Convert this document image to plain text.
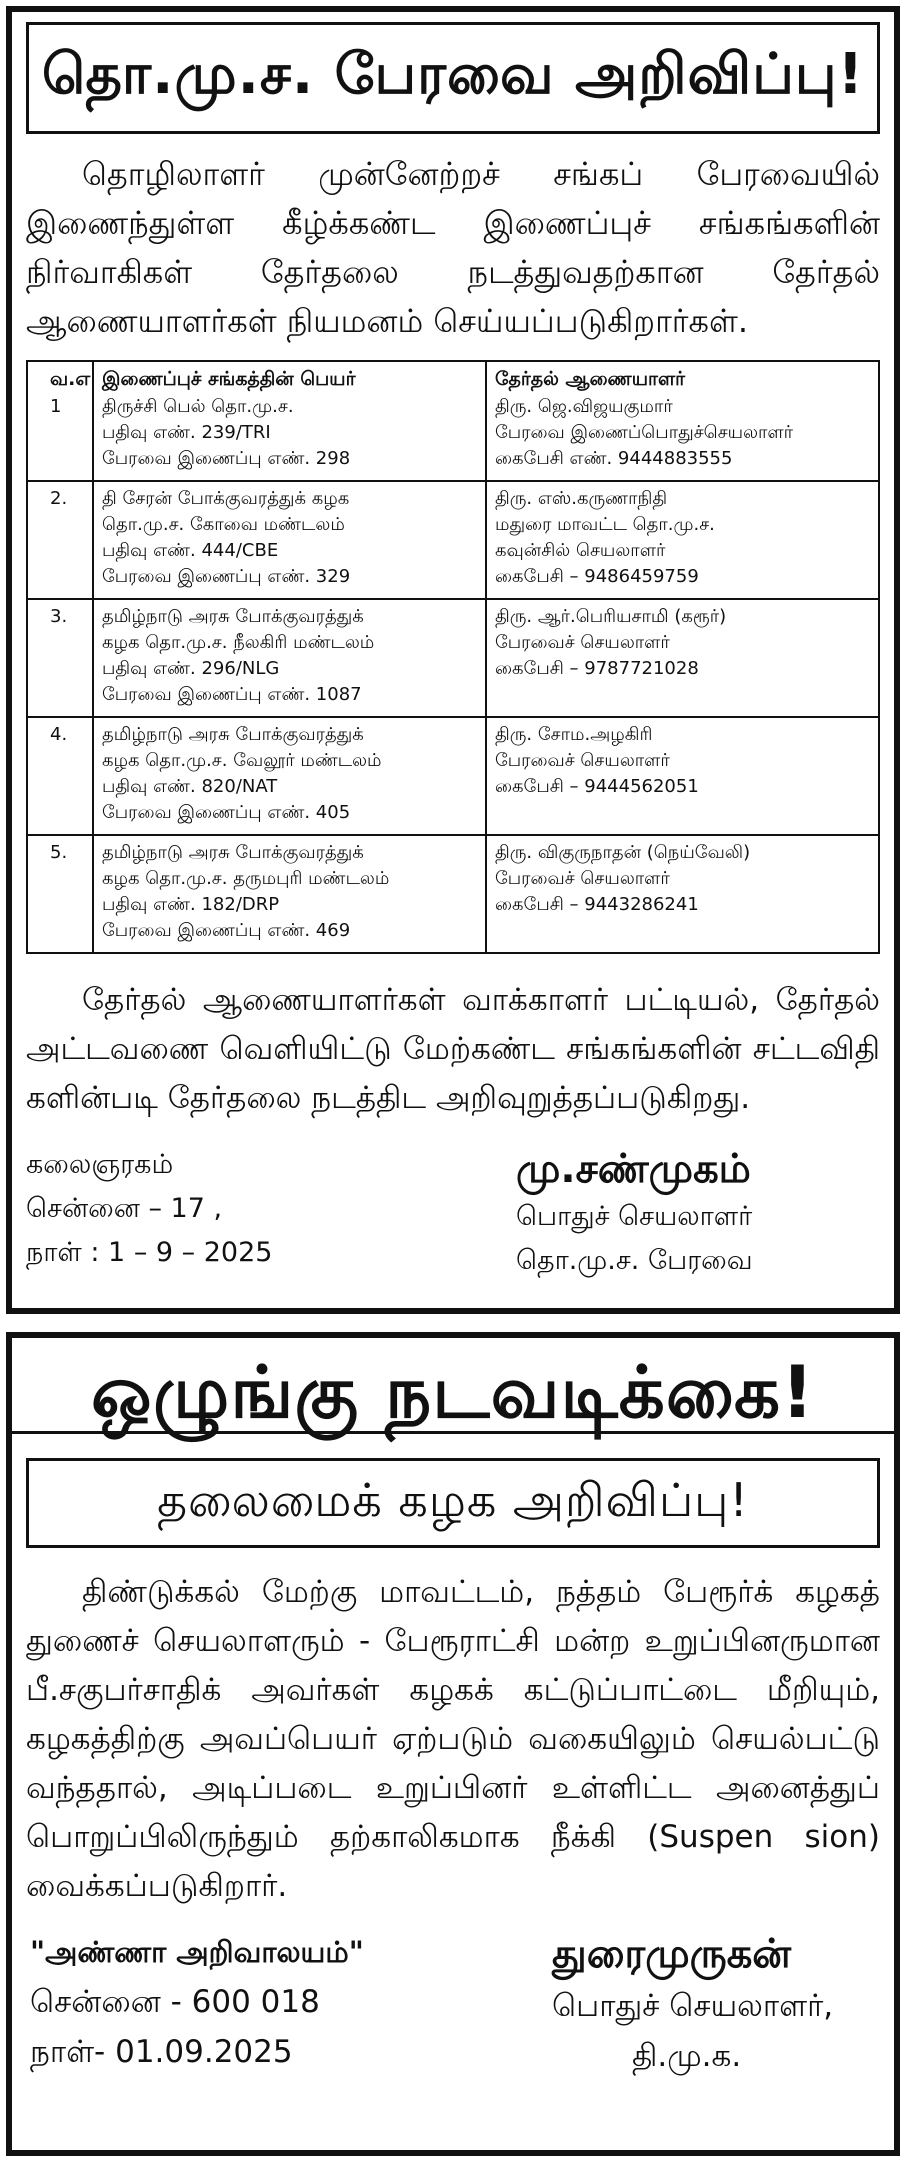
தொ.மு.ச. பேரவை அறிவிப்பு!

தொழிலாளர் முன்னேற்றச் சங்கப் பேரவையில் இணைந்துள்ள கீழ்க்கண்ட இணைப்புச் சங்கங்களின் நிர்வாகிகள் தேர்தலை நடத்துவதற்கான தேர்தல் ஆணையாளர்கள் நியமனம் செய்யப்படுகிறார்கள்.

வ.எ	இணைப்புச் சங்கத்தின் பெயர்	தேர்தல் ஆணையாளர்
1	திருச்சி பெல் தொ.மு.ச.
பதிவு எண். 239/TRI
பேரவை இணைப்பு எண். 298	திரு. ஜெ.விஜயகுமார்
பேரவை இணைப்பொதுச்செயலாளர்
கைபேசி எண். 9444883555

2.	தி சேரன் போக்குவரத்துக் கழக
தொ.மு.ச. கோவை மண்டலம்
பதிவு எண். 444/CBE
பேரவை இணைப்பு எண். 329	திரு. எஸ்.கருணாநிதி
மதுரை மாவட்ட தொ.மு.ச.
கவுன்சில் செயலாளர்
கைபேசி – 9486459759

3.	தமிழ்நாடு அரசு போக்குவரத்துக்
கழக தொ.மு.ச. நீலகிரி மண்டலம்
பதிவு எண். 296/NLG
பேரவை இணைப்பு எண். 1087	திரு. ஆர்.பெரியசாமி (கரூர்)
பேரவைச் செயலாளர்
கைபேசி – 9787721028

4.	தமிழ்நாடு அரசு போக்குவரத்துக்
கழக தொ.மு.ச. வேலூர் மண்டலம்
பதிவு எண். 820/NAT
பேரவை இணைப்பு எண். 405	திரு. சோம.அழகிரி
பேரவைச் செயலாளர்
கைபேசி – 9444562051

5.	தமிழ்நாடு அரசு போக்குவரத்துக்
கழக தொ.மு.ச. தருமபுரி மண்டலம்
பதிவு எண். 182/DRP
பேரவை இணைப்பு எண். 469	திரு. விகுருநாதன் (நெய்வேலி)
பேரவைச் செயலாளர்
கைபேசி – 9443286241

தேர்தல் ஆணையாளர்கள் வாக்காளர் பட்டியல், தேர்தல் அட்டவணை வெளியிட்டு மேற்கண்ட சங்கங்களின் சட்டவிதி களின்படி தேர்தலை நடத்திட அறிவுறுத்தப்படுகிறது.

கலைஞரகம்
சென்னை – 17 ,
நாள் : 1 – 9 – 2025
மு.சண்முகம்
பொதுச் செயலாளர்
தொ.மு.ச. பேரவை
ஒழுங்கு நடவடிக்கை!
தலைமைக் கழக அறிவிப்பு!

திண்டுக்கல் மேற்கு மாவட்டம், நத்தம் பேரூர்க் கழகத் துணைச் செயலாளரும் - பேரூராட்சி மன்ற உறுப்பினருமான பீ.சகுபர்சாதிக் அவர்கள் கழகக் கட்டுப்பாட்டை மீறியும், கழகத்திற்கு அவப்பெயர் ஏற்படும் வகையிலும் செயல்பட்டு வந்ததால், அடிப்படை உறுப்பினர் உள்ளிட்ட அனைத்துப் பொறுப்பிலிருந்தும் தற்காலிகமாக நீக்கி (Suspen sion) வைக்கப்படுகிறார்.

"அண்ணா அறிவாலயம்"
சென்னை - 600 018
நாள்- 01.09.2025
துரைமுருகன்
பொதுச் செயலாளர்,
தி.மு.க.
